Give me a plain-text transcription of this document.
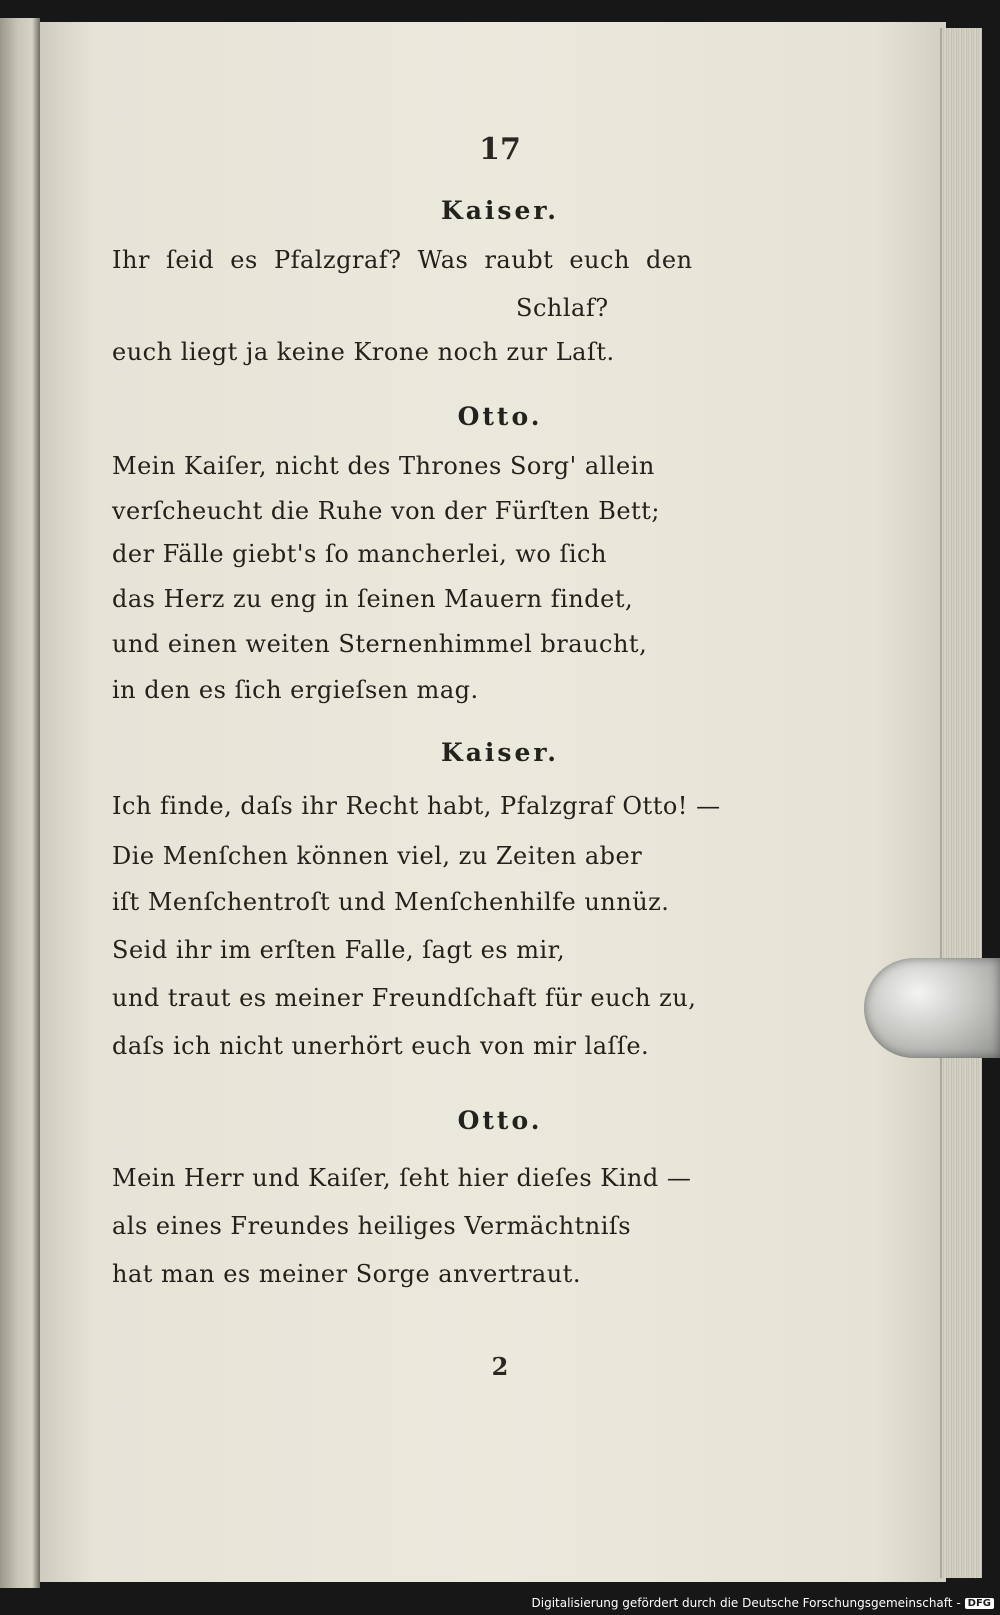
17
Kaiser.
Ihr ſeid es Pfalzgraf? Was raubt euch den
Schlaf?
euch liegt ja keine Krone noch zur Laſt.
Otto.
Mein Kaiſer, nicht des Thrones Sorg' allein
verſcheucht die Ruhe von der Fürſten Bett;
der Fälle giebt's ſo mancherlei, wo ſich
das Herz zu eng in ſeinen Mauern findet,
und einen weiten Sternenhimmel braucht,
in den es ſich ergieſsen mag.
Kaiser.
Ich finde, daſs ihr Recht habt, Pfalzgraf Otto! —
Die Menſchen können viel, zu Zeiten aber
iſt Menſchentroſt und Menſchenhilfe unnüz.
Seid ihr im erſten Falle, ſagt es mir,
und traut es meiner Freundſchaft für euch zu,
daſs ich nicht unerhört euch von mir laſſe.
Otto.
Mein Herr und Kaiſer, ſeht hier dieſes Kind —
als eines Freundes heiliges Vermächtniſs
hat man es meiner Sorge anvertraut.
2
Digitalisierung gefördert durch die Deutsche Forschungsgemeinschaft - DFG
